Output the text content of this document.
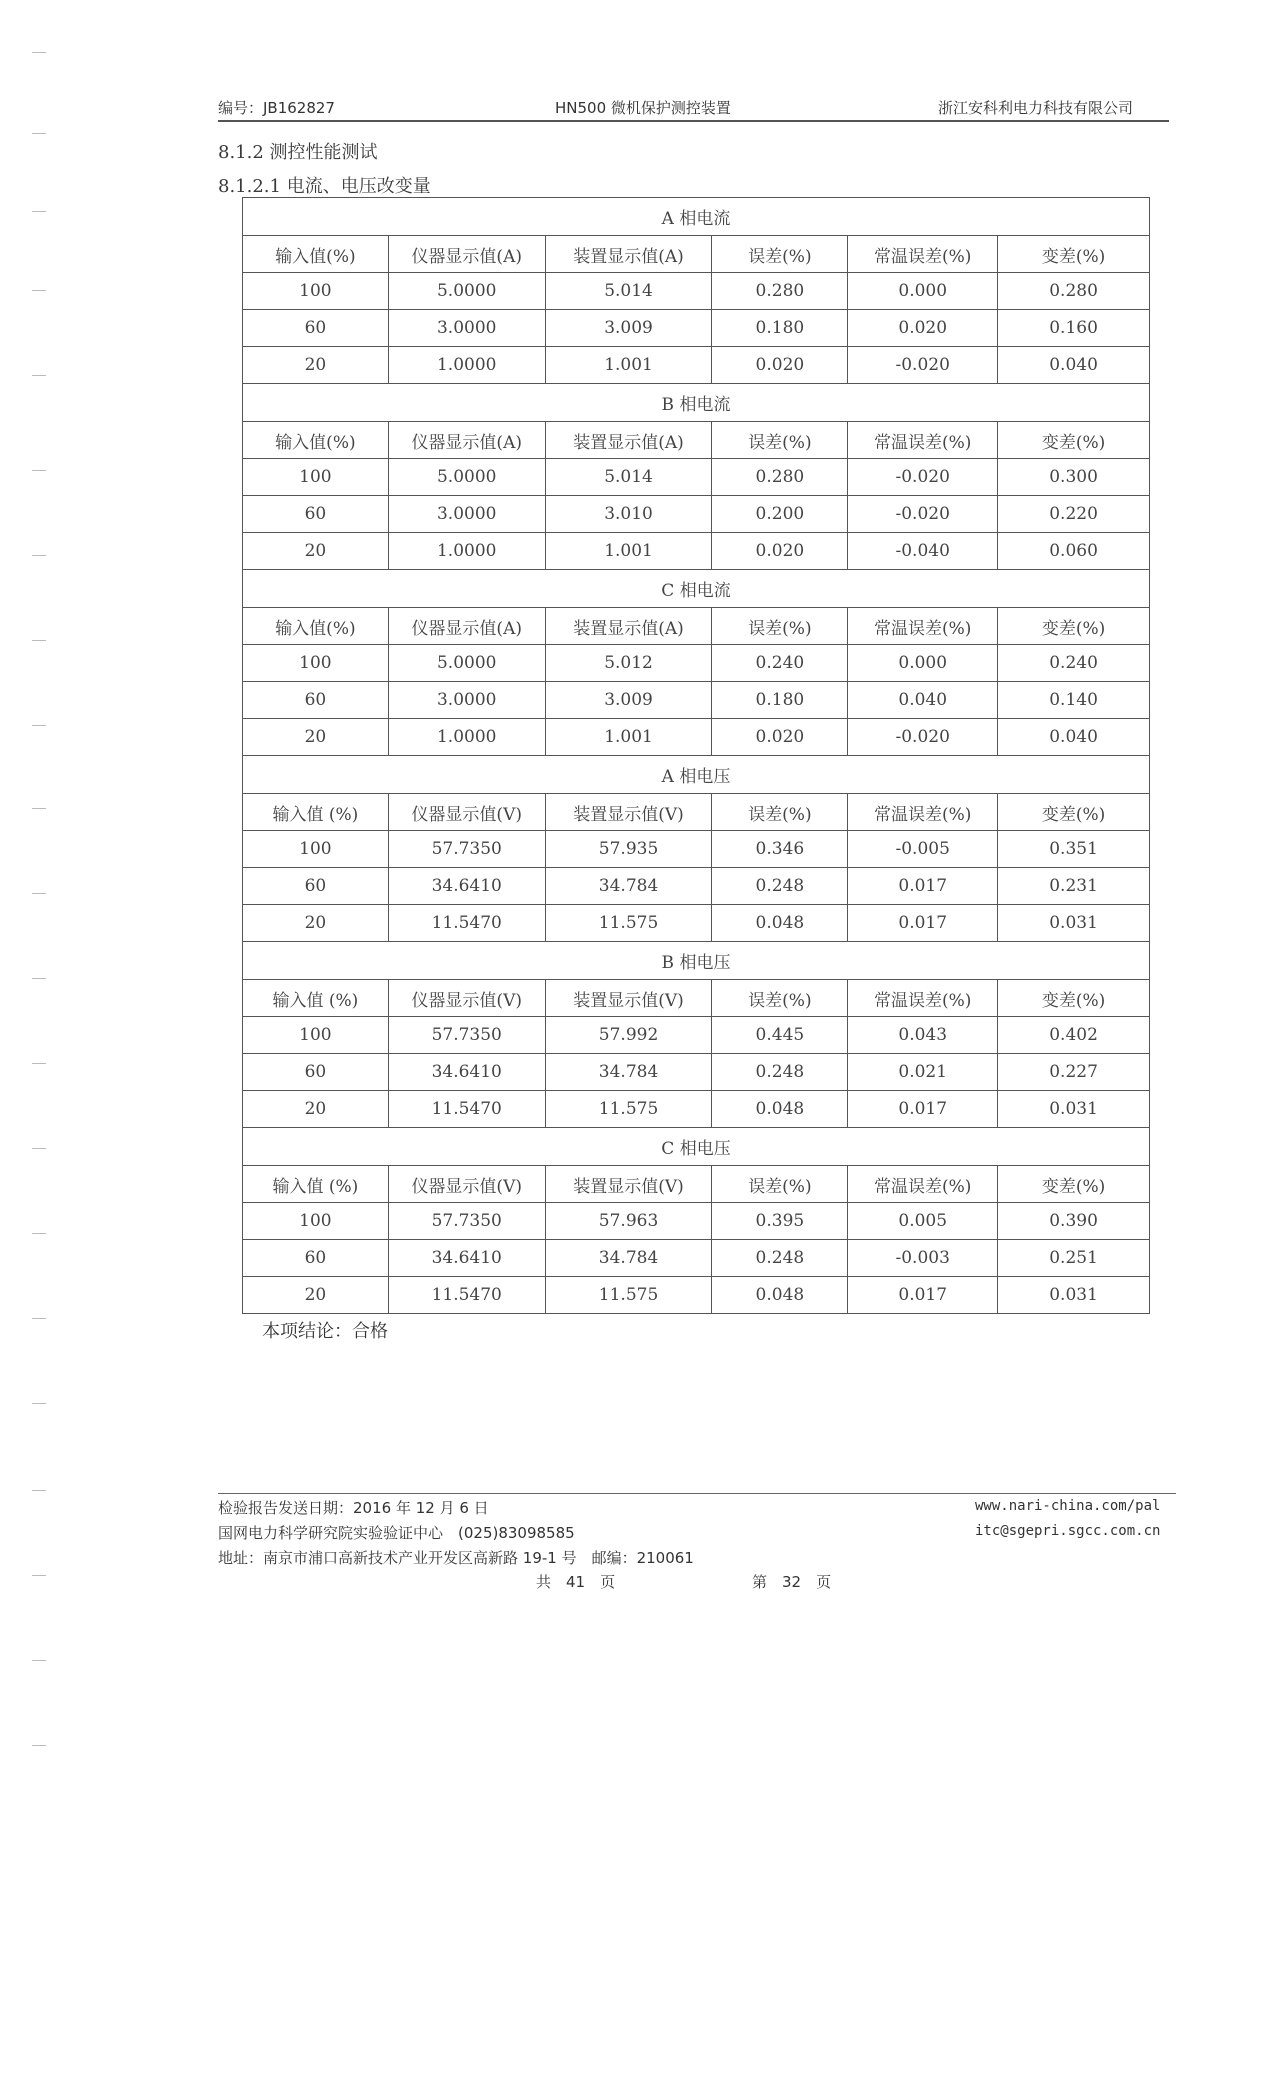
编号：JB162827	HN500 微机保护测控装置	浙江安科利电力科技有限公司
8.1.2 测控性能测试
8.1.2.1 电流、电压改变量
A 相电流					
输入值(%)	仪器显示值(A)	装置显示值(A)	误差(%)	常温误差(%)	变差(%)
100	5.0000	5.014	0.280	0.000	0.280
60	3.0000	3.009	0.180	0.020	0.160
20	1.0000	1.001	0.020	-0.020	0.040
B 相电流					
输入值(%)	仪器显示值(A)	装置显示值(A)	误差(%)	常温误差(%)	变差(%)
100	5.0000	5.014	0.280	-0.020	0.300
60	3.0000	3.010	0.200	-0.020	0.220
20	1.0000	1.001	0.020	-0.040	0.060
C 相电流					
输入值(%)	仪器显示值(A)	装置显示值(A)	误差(%)	常温误差(%)	变差(%)
100	5.0000	5.012	0.240	0.000	0.240
60	3.0000	3.009	0.180	0.040	0.140
20	1.0000	1.001	0.020	-0.020	0.040
A 相电压					
输入值 (%)	仪器显示值(V)	装置显示值(V)	误差(%)	常温误差(%)	变差(%)
100	57.7350	57.935	0.346	-0.005	0.351
60	34.6410	34.784	0.248	0.017	0.231
20	11.5470	11.575	0.048	0.017	0.031
B 相电压					
输入值 (%)	仪器显示值(V)	装置显示值(V)	误差(%)	常温误差(%)	变差(%)
100	57.7350	57.992	0.445	0.043	0.402
60	34.6410	34.784	0.248	0.021	0.227
20	11.5470	11.575	0.048	0.017	0.031
C 相电压					
输入值 (%)	仪器显示值(V)	装置显示值(V)	误差(%)	常温误差(%)	变差(%)
100	57.7350	57.963	0.395	0.005	0.390
60	34.6410	34.784	0.248	-0.003	0.251
20	11.5470	11.575	0.048	0.017	0.031
本项结论：合格
检验报告发送日期：2016 年 12 月 6 日
国网电力科学研究院实验验证中心　(025)83098585
地址：南京市浦口高新技术产业开发区高新路 19-1 号　邮编：210061
www.nari-china.com/pal
itc@sgepri.sgcc.com.cn
共　41　页	第　32　页
